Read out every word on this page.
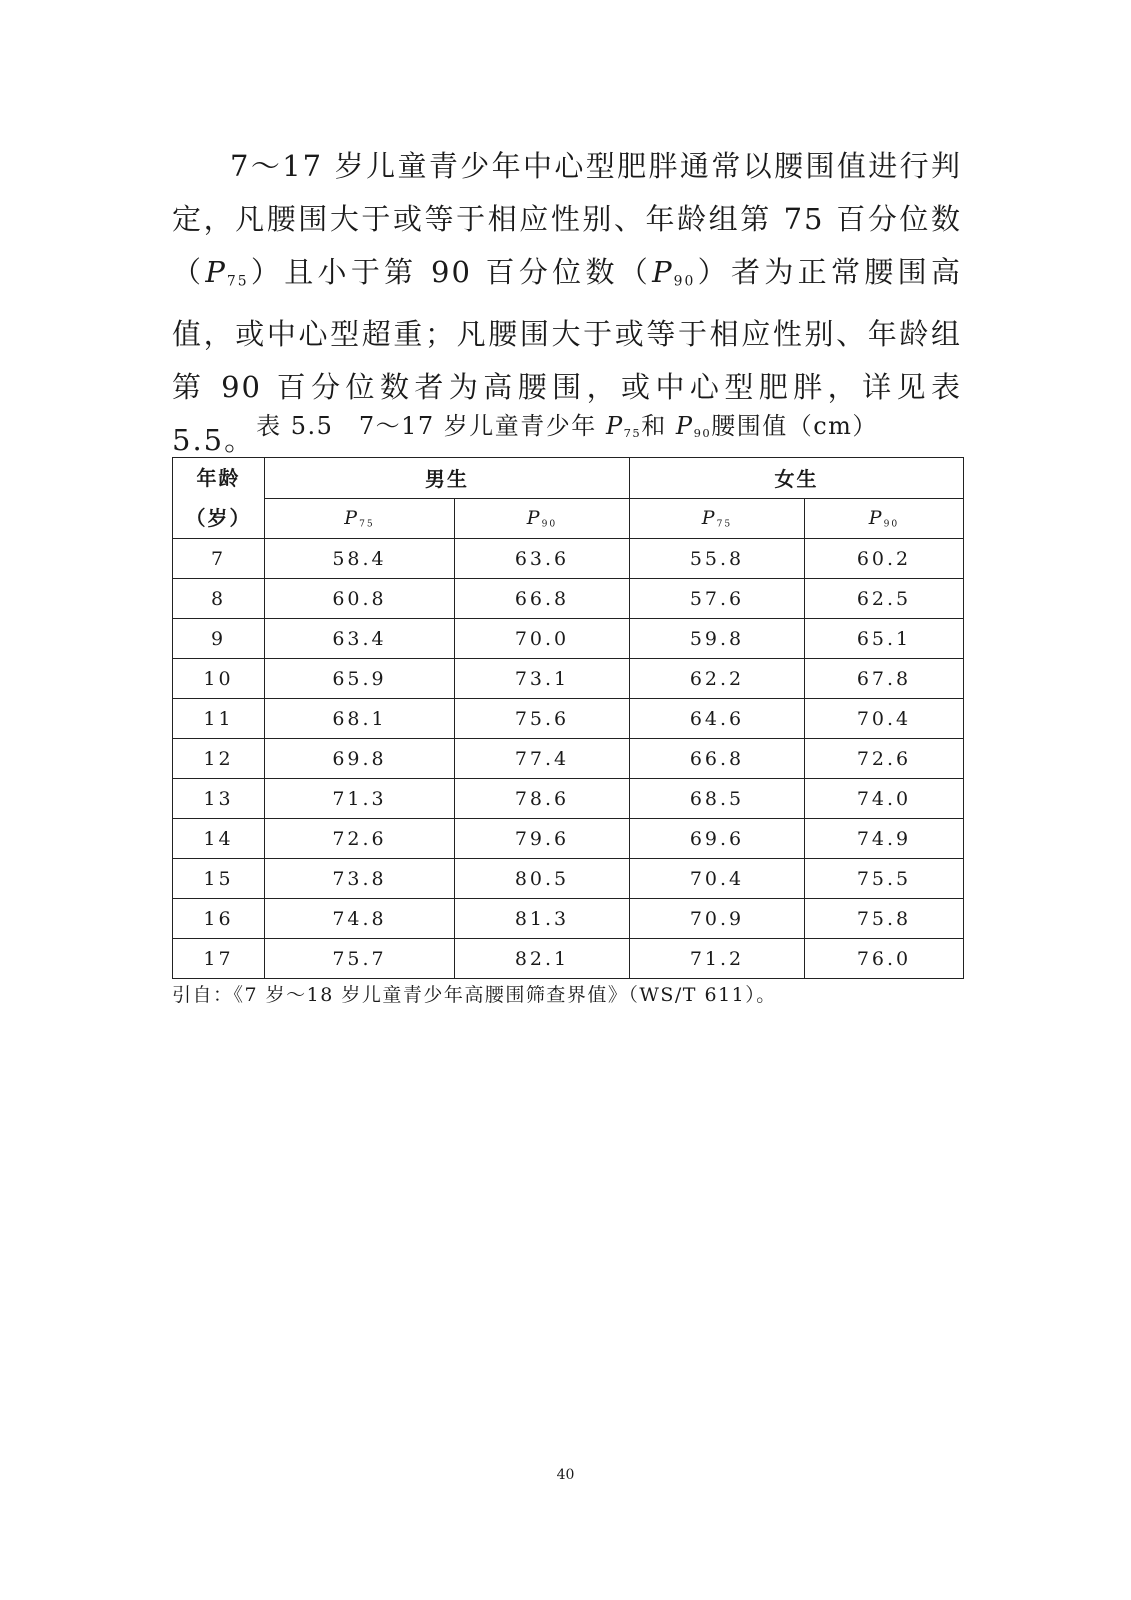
7～17 岁儿童青少年中心型肥胖通常以腰围值进行判定，凡腰围大于或等于相应性别、年龄组第 75 百分位数$(P_{75})$且小于第 90 百分位数$(P_{90})$者为正常腰围高值，或中心型超重；凡腰围大于或等于相应性别、年龄组第 90 百分位数者为高腰围，或中心型肥胖，详见表 5.5。 表 5.5　7～17 岁儿童青少年 $P_{75}$和 $P_{90}$腰围值（cm）
年龄
（岁）	男生		女生	
	$P_{75}$	$P_{90}$	$P_{75}$	$P_{90}$
7	58.4	63.6	55.8	60.2
8	60.8	66.8	57.6	62.5
9	63.4	70.0	59.8	65.1
10	65.9	73.1	62.2	67.8
11	68.1	75.6	64.6	70.4
12	69.8	77.4	66.8	72.6
13	71.3	78.6	68.5	74.0
14	72.6	79.6	69.6	74.9
15	73.8	80.5	70.4	75.5
16	74.8	81.3	70.9	75.8
17	75.7	82.1	71.2	76.0
引自：《7 岁～18 岁儿童青少年高腰围筛查界值》（WS/T 611）。
40
